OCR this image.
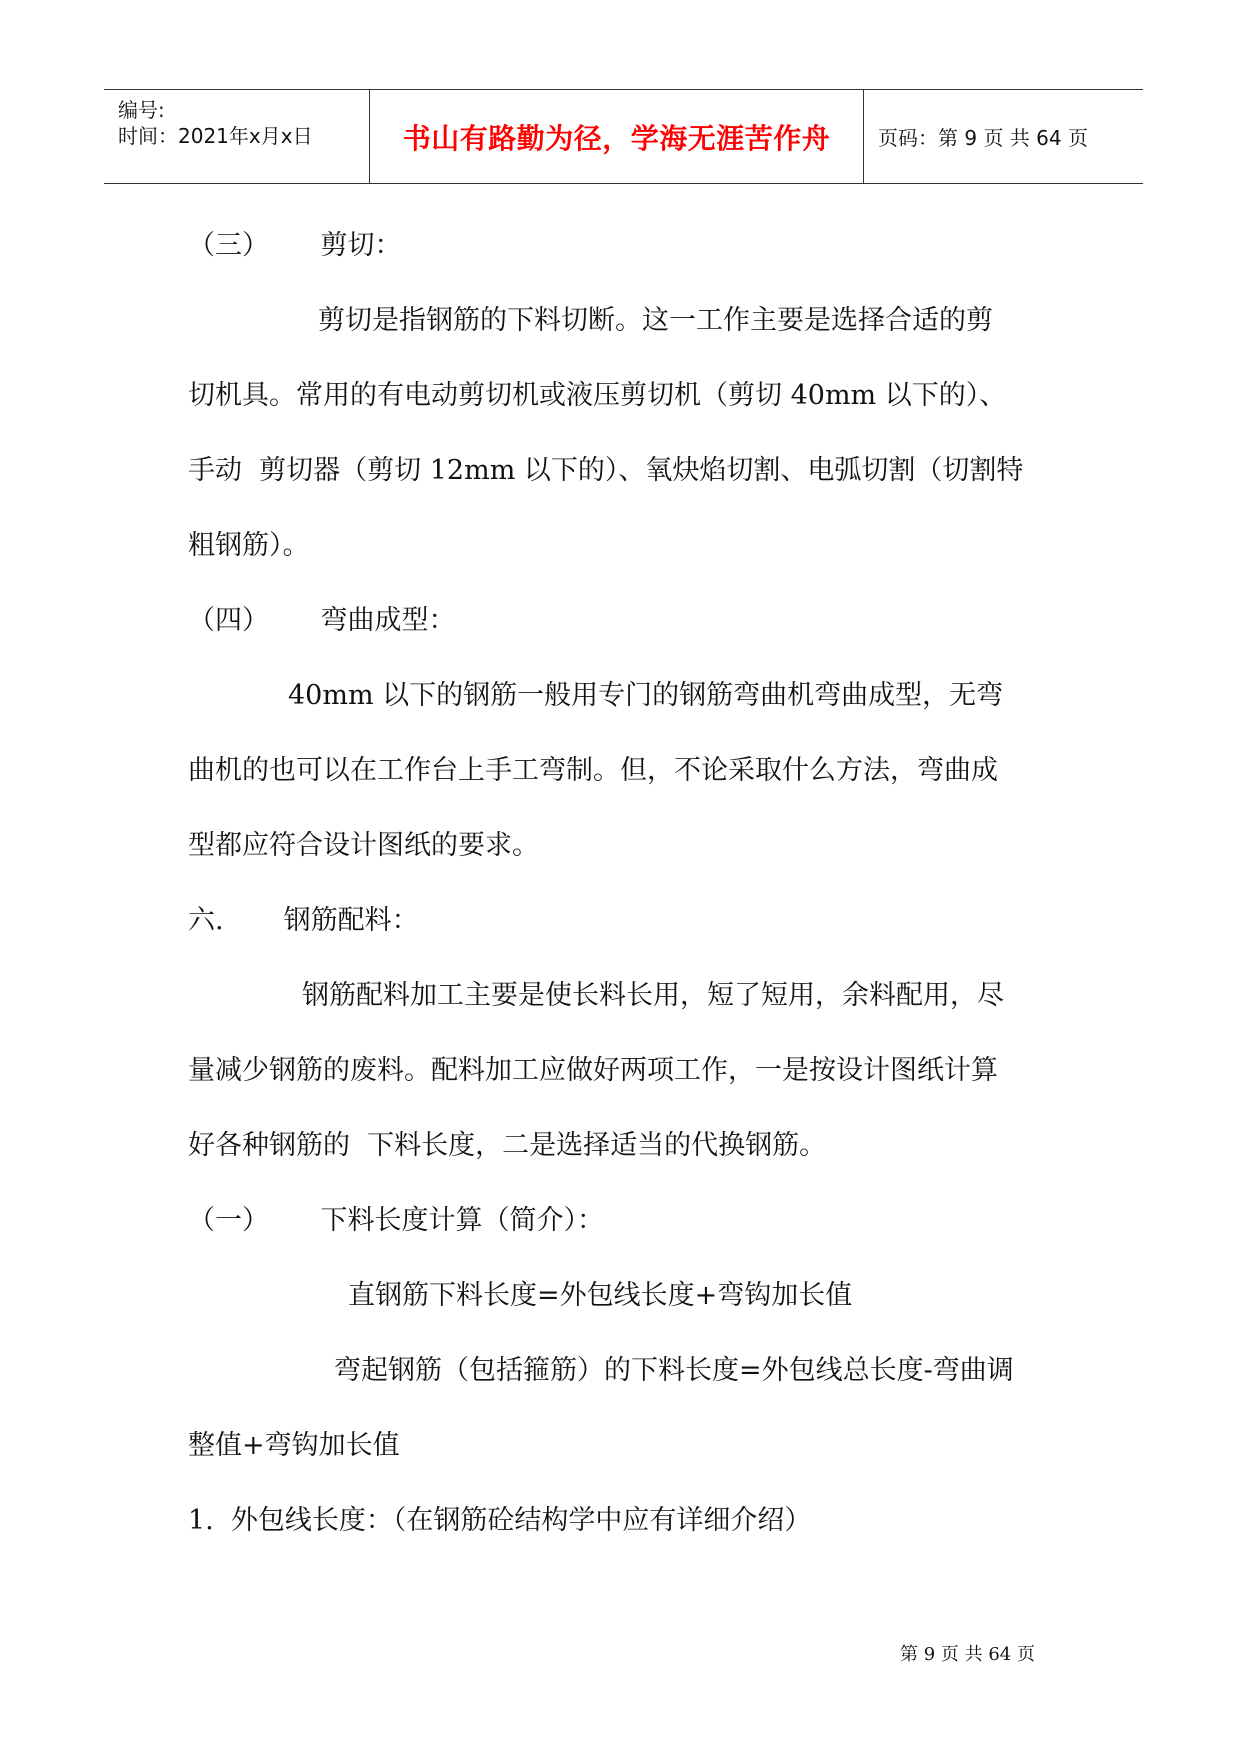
编号:
时间：2021年x月x日	书山有路勤为径，学海无涯苦作舟 页码：第 9 页 共 64 页
（三）      剪切：
剪切是指钢筋的下料切断。这一工作主要是选择合适的剪
切机具。常用的有电动剪切机或液压剪切机（剪切 40mm 以下的）、
手动  剪切器（剪切 12mm 以下的）、氧炔焰切割、电弧切割（切割特
粗钢筋）。
（四）      弯曲成型：
40mm 以下的钢筋一般用专门的钢筋弯曲机弯曲成型，无弯
曲机的也可以在工作台上手工弯制。但，不论采取什么方法，弯曲成
型都应符合设计图纸的要求。
六.       钢筋配料：
钢筋配料加工主要是使长料长用，短了短用，余料配用，尽
量减少钢筋的废料。配料加工应做好两项工作，一是按设计图纸计算
好各种钢筋的  下料长度，二是选择适当的代换钢筋。
（一）      下料长度计算（简介）：
直钢筋下料长度=外包线长度+弯钩加长值
弯起钢筋（包括箍筋）的下料长度=外包线总长度-弯曲调
整值+弯钩加长值
1.  外包线长度：（在钢筋砼结构学中应有详细介绍）
第 9 页 共 64 页
